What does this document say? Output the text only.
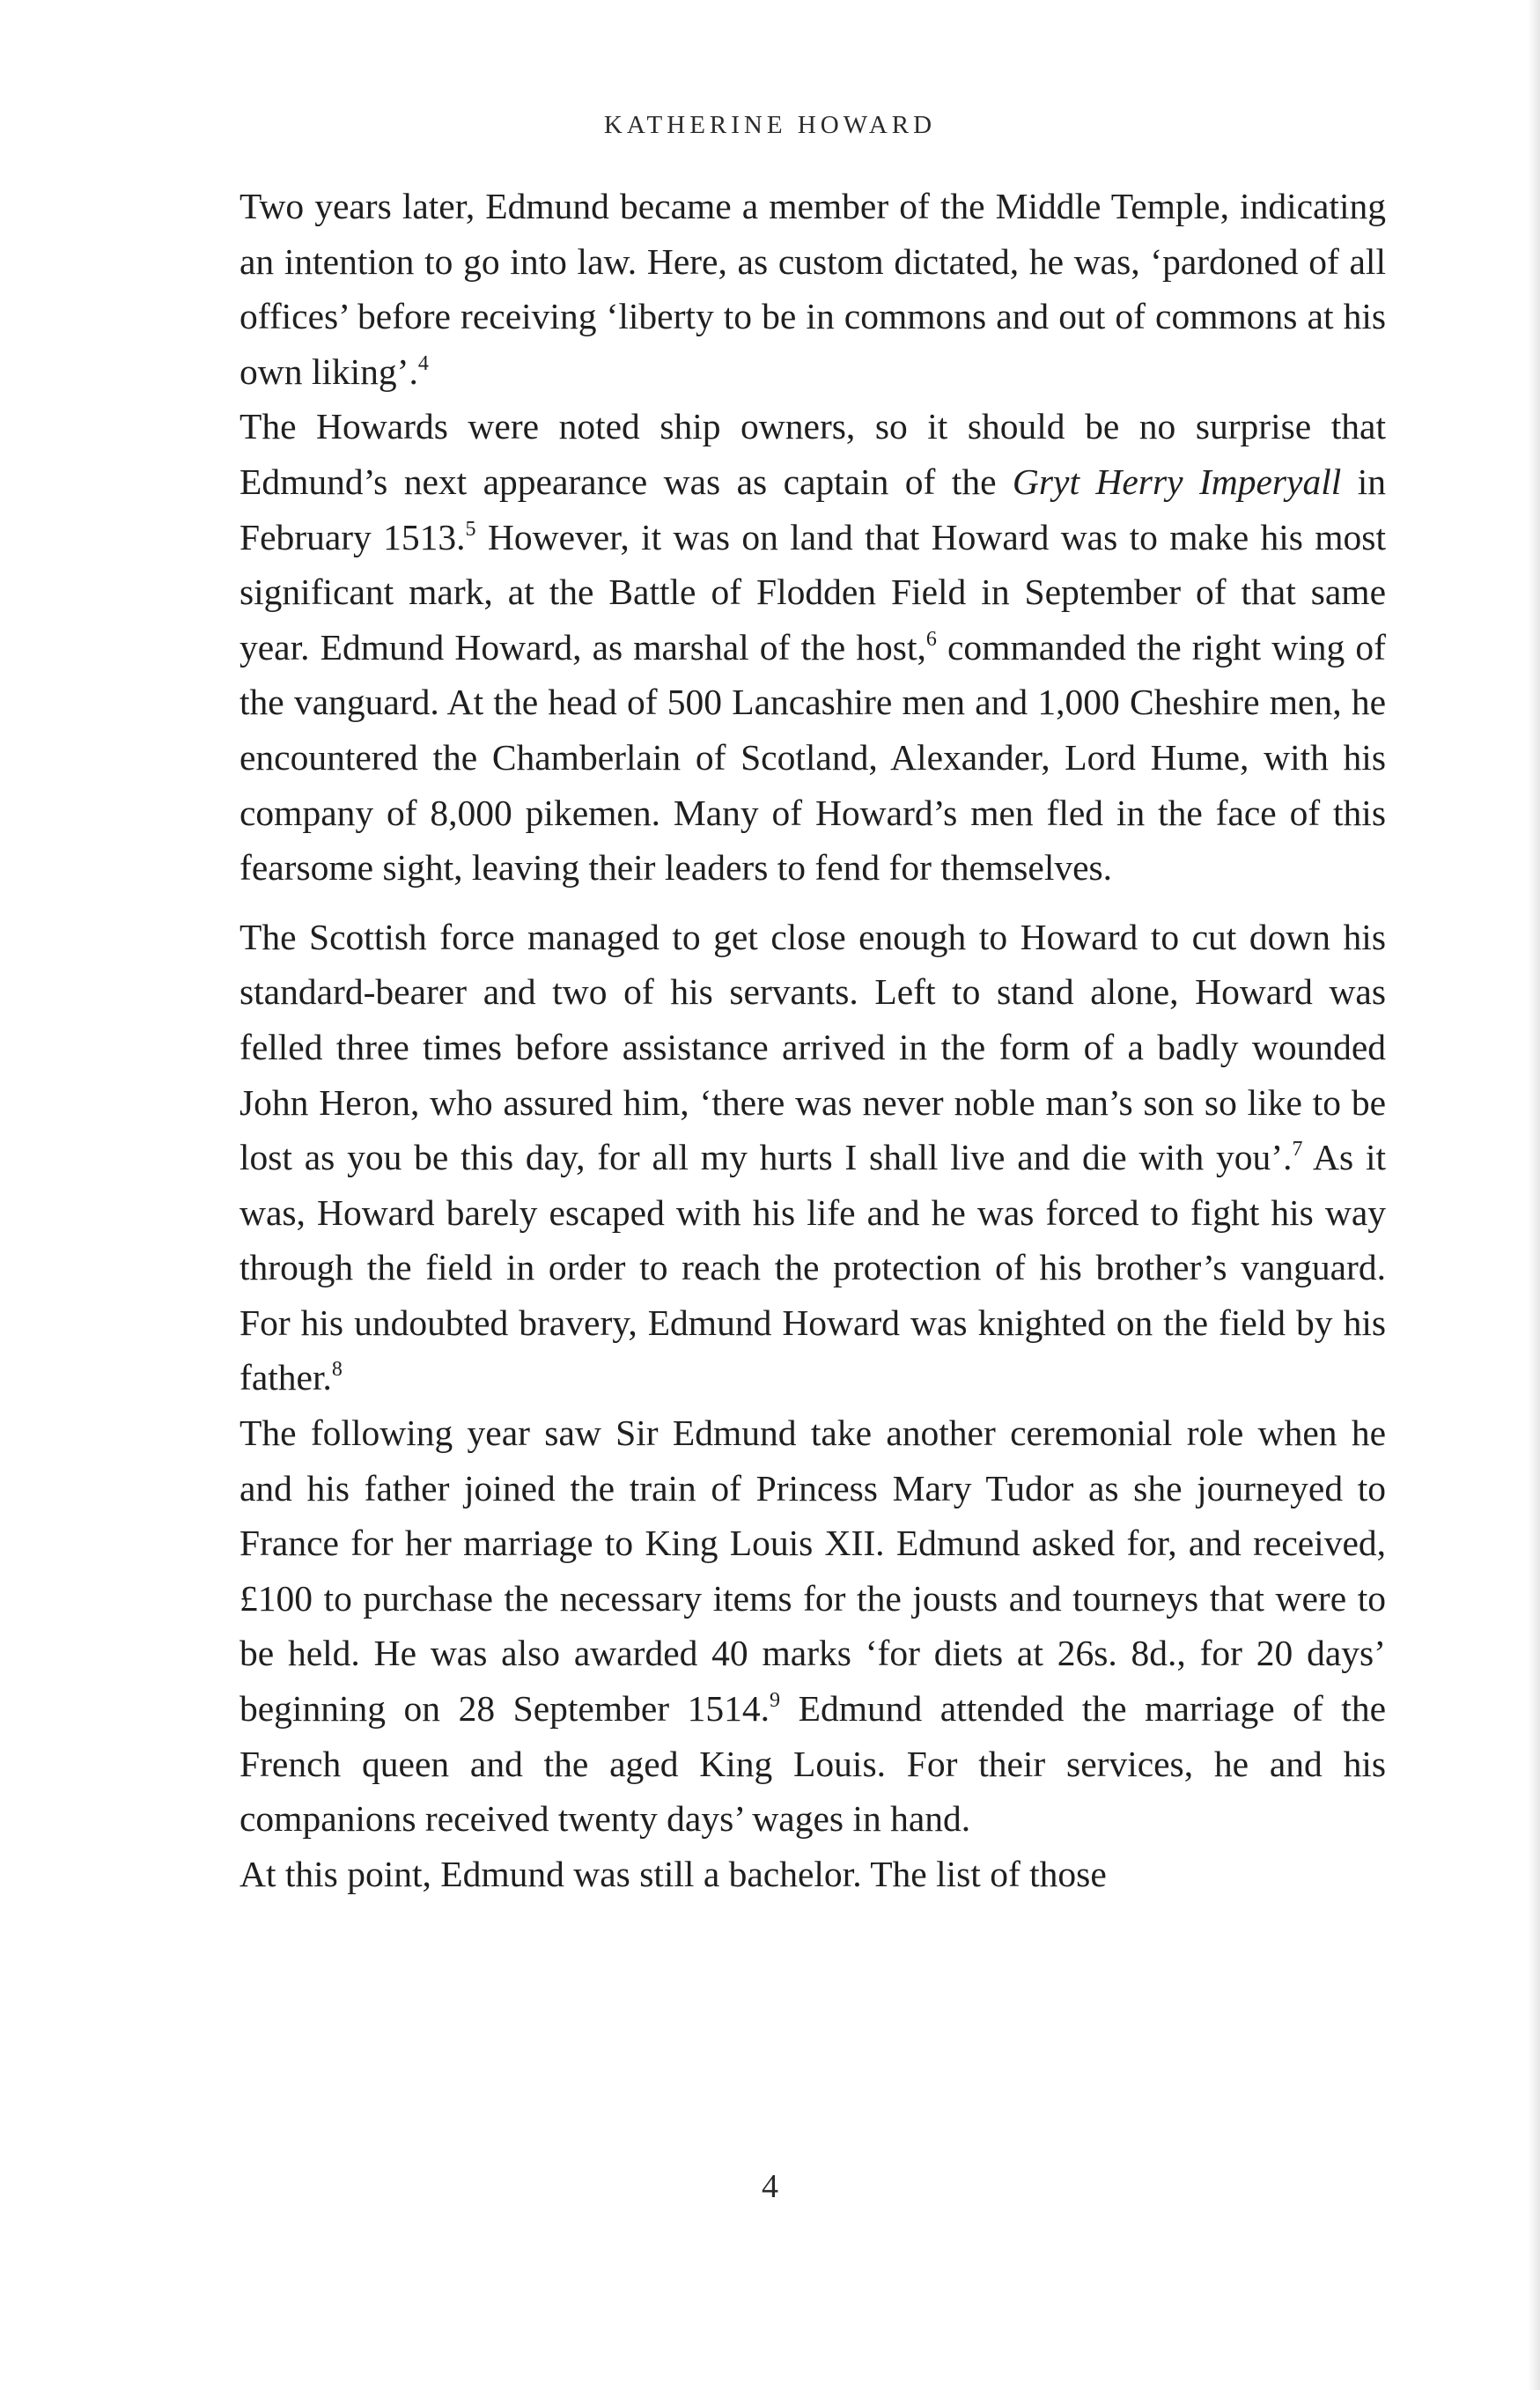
KATHERINE HOWARD

Two years later, Edmund became a member of the Middle Temple, indicating an intention to go into law. Here, as custom dictated, he was, ‘pardoned of all offices’ before receiving ‘liberty to be in commons and out of commons at his own liking’.$^4$

The Howards were noted ship owners, so it should be no surprise that Edmund’s next appearance was as captain of the Gryt Herry Imperyall in February 1513.$^5$ However, it was on land that Howard was to make his most significant mark, at the Battle of Flodden Field in September of that same year. Edmund Howard, as marshal of the host,$^6$ commanded the right wing of the vanguard. At the head of 500 Lancashire men and 1,000 Cheshire men, he encountered the Chamberlain of Scotland, Alexander, Lord Hume, with his company of 8,000 pikemen. Many of Howard’s men fled in the face of this fearsome sight, leaving their leaders to fend for themselves.

The Scottish force managed to get close enough to Howard to cut down his standard-bearer and two of his servants. Left to stand alone, Howard was felled three times before assistance arrived in the form of a badly wounded John Heron, who assured him, ‘there was never noble man’s son so like to be lost as you be this day, for all my hurts I shall live and die with you’.$^7$ As it was, Howard barely escaped with his life and he was forced to fight his way through the field in order to reach the protection of his brother’s vanguard. For his undoubted bravery, Edmund Howard was knighted on the field by his father.$^8$

The following year saw Sir Edmund take another ceremonial role when he and his father joined the train of Princess Mary Tudor as she journeyed to France for her marriage to King Louis XII. Edmund asked for, and received, £100 to purchase the necessary items for the jousts and tourneys that were to be held. He was also awarded 40 marks ‘for diets at 26s. 8d., for 20 days’ beginning on 28 September 1514.$^9$ Edmund attended the marriage of the French queen and the aged King Louis. For their services, he and his companions received twenty days’ wages in hand.

At this point, Edmund was still a bachelor. The list of those

4
